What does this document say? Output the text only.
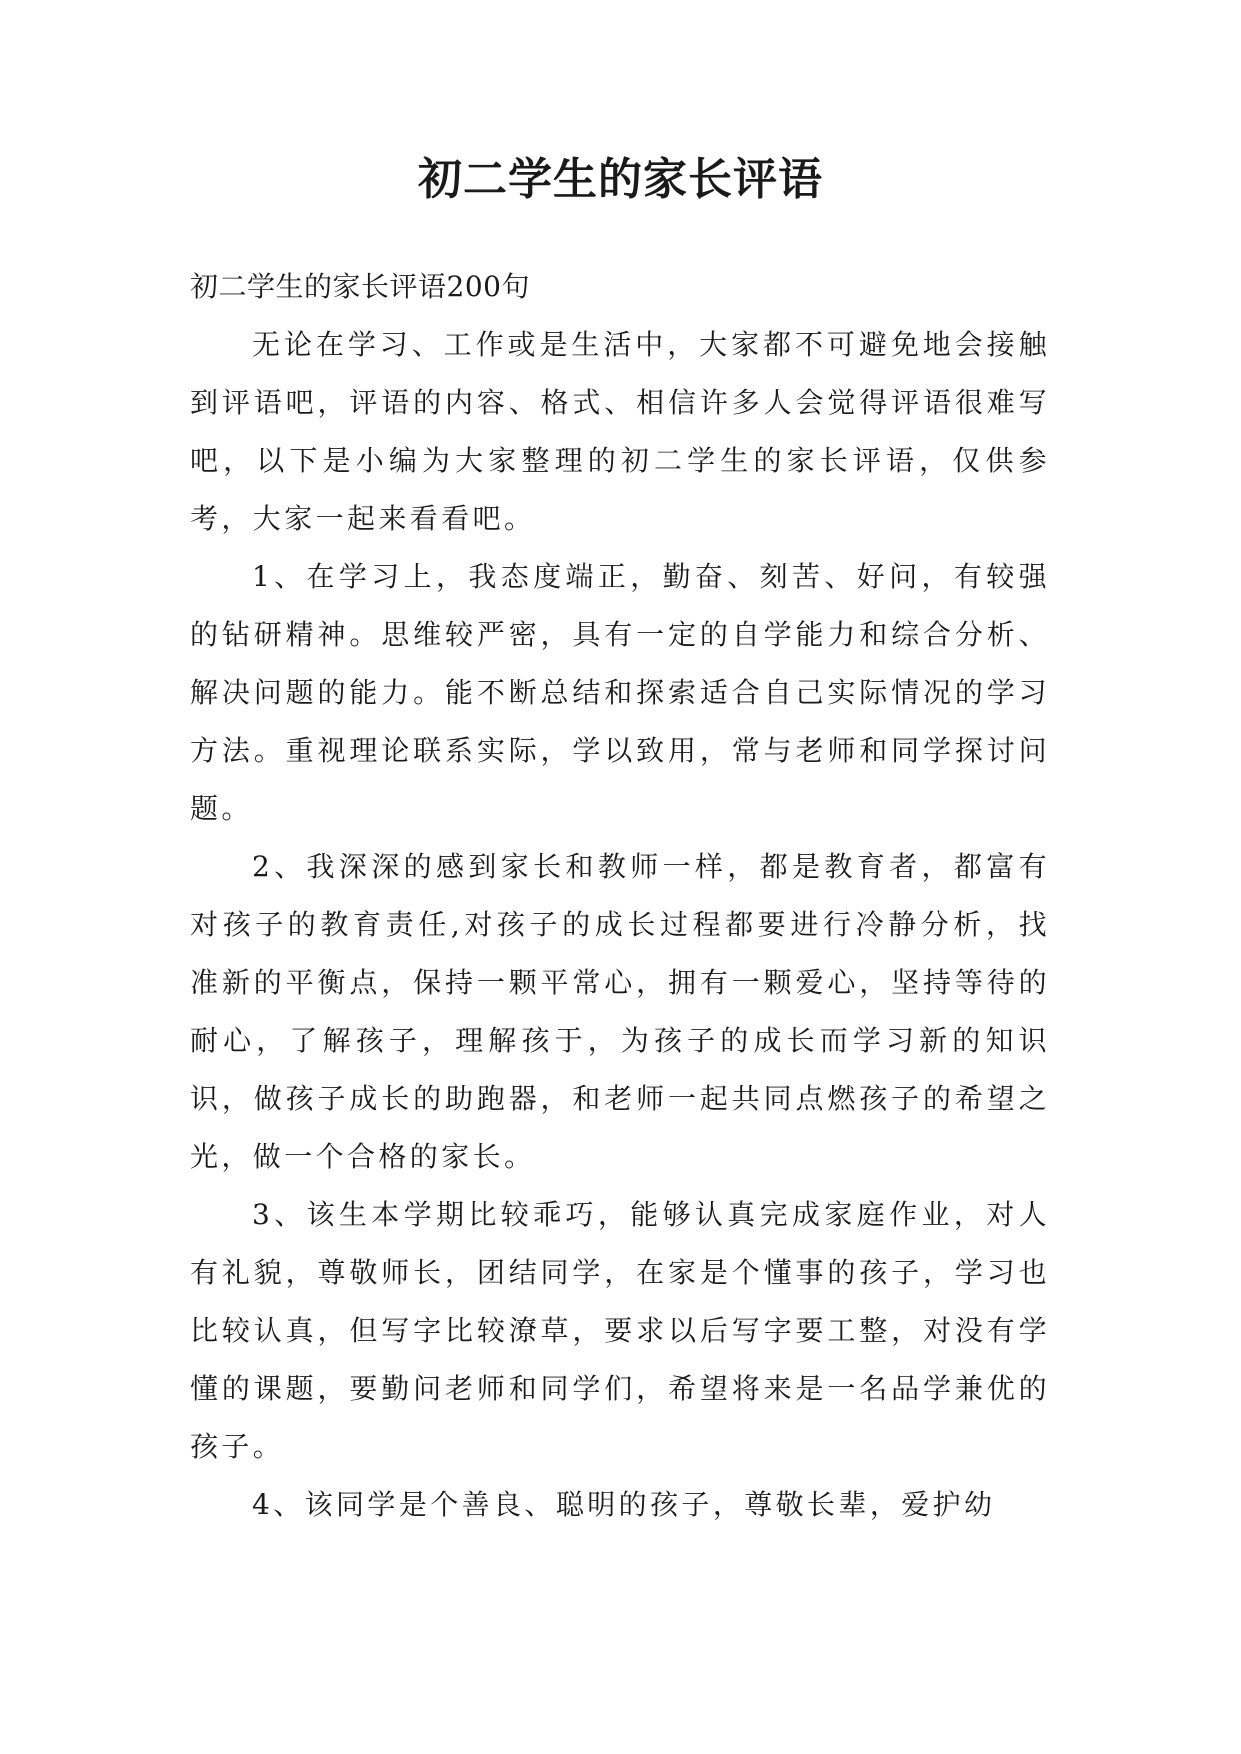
初二学生的家长评语

初二学生的家长评语200句

无论在学习、工作或是生活中，大家都不可避免地会接触到评语吧，评语的内容、格式、相信许多人会觉得评语很难写吧，以下是小编为大家整理的初二学生的家长评语，仅供参考，大家一起来看看吧。

1、在学习上，我态度端正，勤奋、刻苦、好问，有较强的钻研精神。思维较严密，具有一定的自学能力和综合分析、解决问题的能力。能不断总结和探索适合自己实际情况的学习方法。重视理论联系实际，学以致用，常与老师和同学探讨问题。

2、我深深的感到家长和教师一样，都是教育者，都富有对孩子的教育责任,对孩子的成长过程都要进行冷静分析，找准新的平衡点，保持一颗平常心，拥有一颗爱心，坚持等待的耐心，了解孩子，理解孩于，为孩子的成长而学习新的知识识，做孩子成长的助跑器，和老师一起共同点燃孩子的希望之光，做一个合格的家长。

3、该生本学期比较乖巧，能够认真完成家庭作业，对人有礼貌，尊敬师长，团结同学，在家是个懂事的孩子，学习也比较认真，但写字比较潦草，要求以后写字要工整，对没有学懂的课题，要勤问老师和同学们，希望将来是一名品学兼优的孩子。

4、该同学是个善良、聪明的孩子，尊敬长辈，爱护幼
